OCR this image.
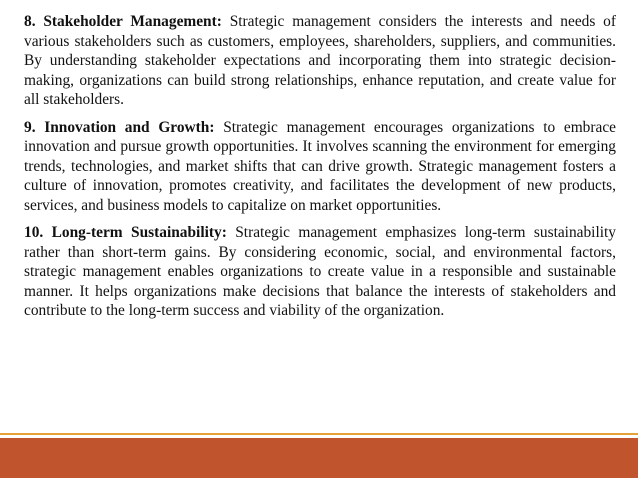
8. Stakeholder Management: Strategic management considers the interests and needs of various stakeholders such as customers, employees, shareholders, suppliers, and communities. By understanding stakeholder expectations and incorporating them into strategic decision-making, organizations can build strong relationships, enhance reputation, and create value for all stakeholders.

9. Innovation and Growth: Strategic management encourages organizations to embrace innovation and pursue growth opportunities. It involves scanning the environment for emerging trends, technologies, and market shifts that can drive growth. Strategic management fosters a culture of innovation, promotes creativity, and facilitates the development of new products, services, and business models to capitalize on market opportunities.

10. Long-term Sustainability: Strategic management emphasizes long-term sustainability rather than short-term gains. By considering economic, social, and environmental factors, strategic management enables organizations to create value in a responsible and sustainable manner. It helps organizations make decisions that balance the interests of stakeholders and contribute to the long-term success and viability of the organization.
